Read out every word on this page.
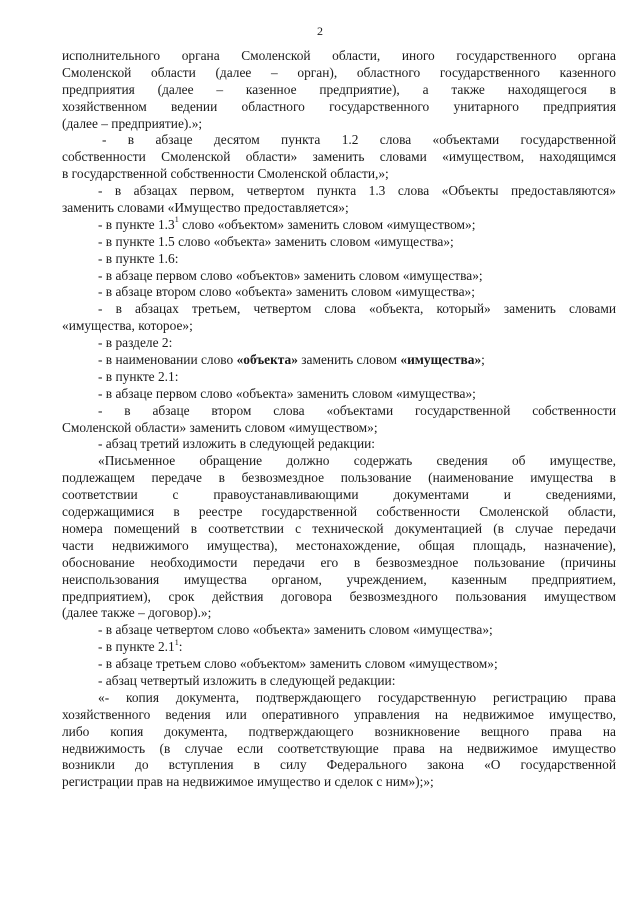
2
исполнительного органа Смоленской области, иного государственного органа
Смоленской области (далее – орган), областного государственного казенного
предприятия (далее – казенное предприятие), а также находящегося в
хозяйственном ведении областного государственного унитарного предприятия
(далее – предприятие).»;
- в абзаце десятом пункта 1.2 слова «объектами государственной
собственности Смоленской области» заменить словами «имуществом, находящимся
в государственной собственности Смоленской области,»;
- в абзацах первом, четвертом пункта 1.3 слова «Объекты предоставляются»
заменить словами «Имущество предоставляется»;
- в пункте $1.3^1$ слово «объектом» заменить словом «имуществом»;
- в пункте 1.5 слово «объекта» заменить словом «имущества»;
- в пункте 1.6:
- в абзаце первом слово «объектов» заменить словом «имущества»;
- в абзаце втором слово «объекта» заменить словом «имущества»;
- в абзацах третьем, четвертом слова «объекта, который» заменить словами
«имущества, которое»;
- в разделе 2:
- в наименовании слово «объекта» заменить словом «имущества»;
- в пункте 2.1:
- в абзаце первом слово «объекта» заменить словом «имущества»;
- в абзаце втором слова «объектами государственной собственности
Смоленской области» заменить словом «имуществом»;
- абзац третий изложить в следующей редакции:
«Письменное обращение должно содержать сведения об имуществе,
подлежащем передаче в безвозмездное пользование (наименование имущества в
соответствии с правоустанавливающими документами и сведениями,
содержащимися в реестре государственной собственности Смоленской области,
номера помещений в соответствии с технической документацией (в случае передачи
части недвижимого имущества), местонахождение, общая площадь, назначение),
обоснование необходимости передачи его в безвозмездное пользование (причины
неиспользования имущества органом, учреждением, казенным предприятием,
предприятием), срок действия договора безвозмездного пользования имуществом
(далее также – договор).»;
- в абзаце четвертом слово «объекта» заменить словом «имущества»;
- в пункте $2.1^1$:
- в абзаце третьем слово «объектом» заменить словом «имуществом»;
- абзац четвертый изложить в следующей редакции:
«- копия документа, подтверждающего государственную регистрацию права
хозяйственного ведения или оперативного управления на недвижимое имущество,
либо копия документа, подтверждающего возникновение вещного права на
недвижимость (в случае если соответствующие права на недвижимое имущество
возникли до вступления в силу Федерального закона «О государственной
регистрации прав на недвижимое имущество и сделок с ним»);»;
